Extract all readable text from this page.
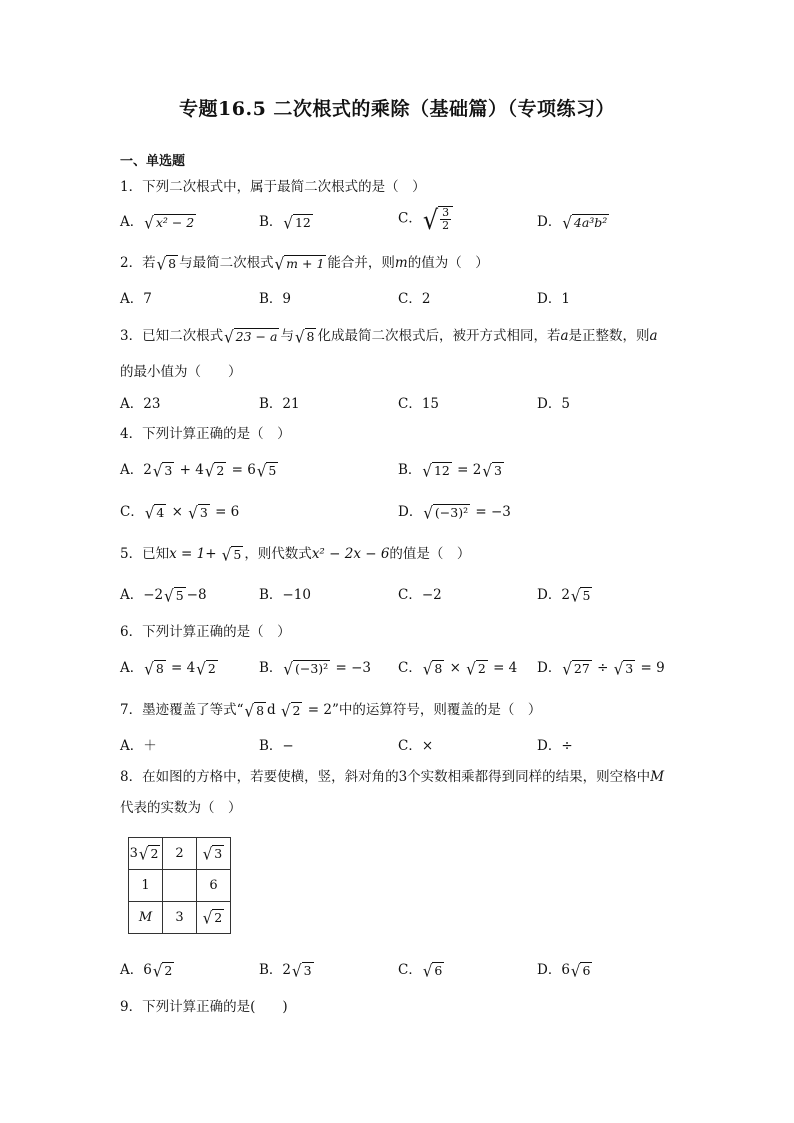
专题16.5 二次根式的乘除（基础篇）（专项练习）
一、单选题
1．下列二次根式中，属于最简二次根式的是（　）
A． √ x² − 2	B． √ 12	C． √ $\frac{3}{2}$	D． √ 4a³b²
2．若 √ 8 与最简二次根式 √ m + 1 能合并，则m的值为（　）
A．7	B．9	C．2	D．1
3．已知二次根式 √ 23 − a 与 √ 8 化成最简二次根式后，被开方式相同，若a是正整数，则a
的最小值为（　　）
A．23	B．21	C．15	D．5
4．下列计算正确的是（　）
A．2 √ 3 + 4 √ 2 = 6 √ 5	B． √ 12 = 2 √ 3
C． √ 4 × √ 3 = 6	D． √ (−3)² = −3
5．已知x = 1+ √ 5 ，则代数式x² − 2x − 6的值是（　）
A．−2 √ 5 −8	B．−10	C．−2	D．2 √ 5
6．下列计算正确的是（　）
A． √ 8 = 4 √ 2	B． √ (−3)² = −3 C． √ 8 × √ 2 = 4 D． √ 27 ÷ √ 3 = 9
7．墨迹覆盖了等式“ √ 8 d √ 2 = 2”中的运算符号，则覆盖的是（　）
A．＋	B．−	C．×	D．÷
8．在如图的方格中，若要使横，竖，斜对角的3个实数相乘都得到同样的结果，则空格中M
代表的实数为（　）
3 √ 2	2	√ 3

1		6
M	3	√ 2
A．6 √ 2	B．2 √ 3	C． √ 6	D．6 √ 6
9．下列计算正确的是(　　)
